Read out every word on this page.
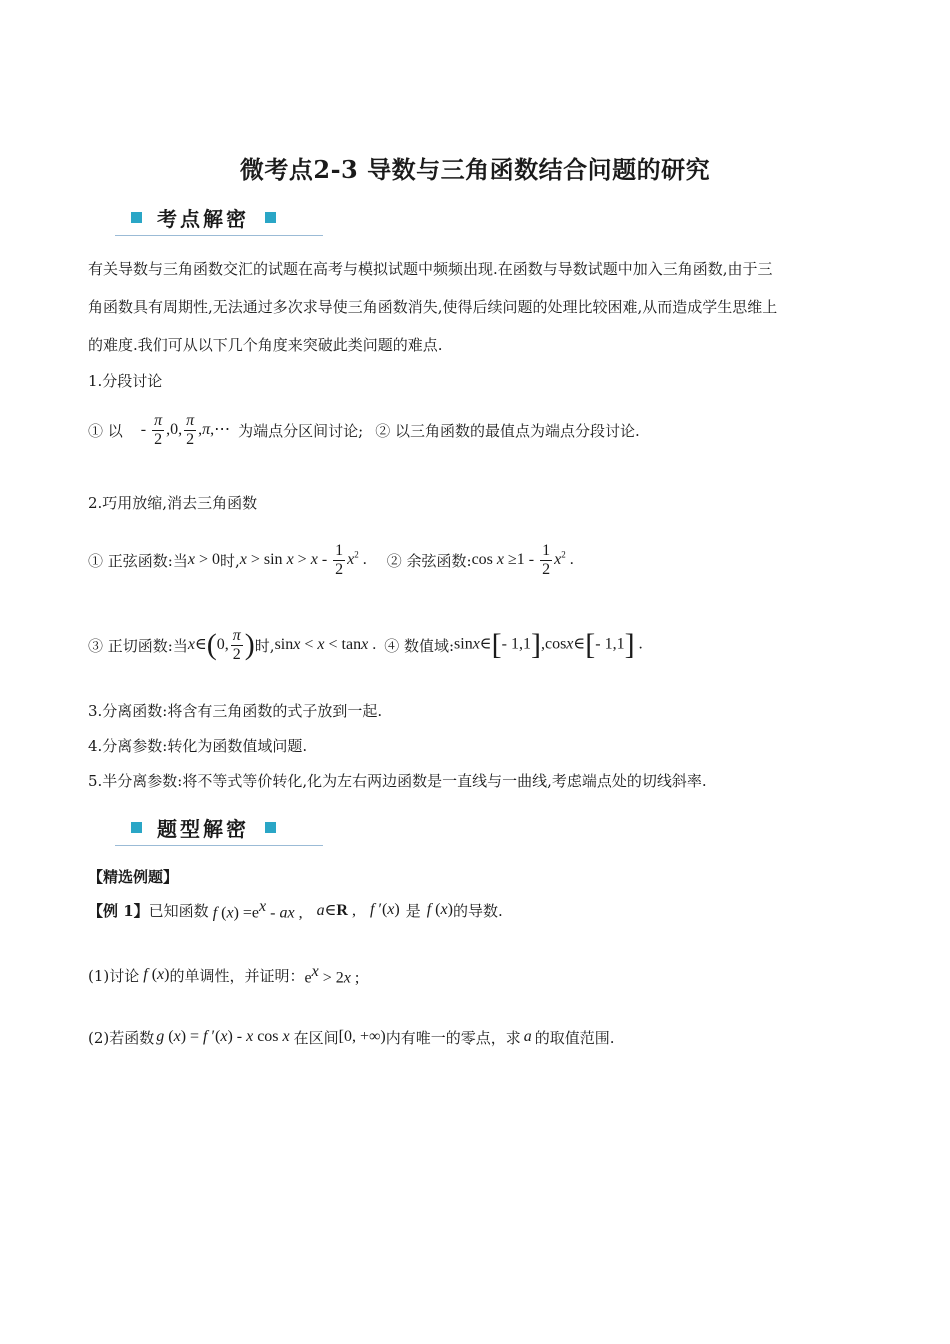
微考点2-3 导数与三角函数结合问题的研究
考点解密
有关导数与三角函数交汇的试题在高考与模拟试题中频频出现.在函数与导数试题中加入三角函数,由于三
角函数具有周期性,无法通过多次求导使三角函数消失,使得后续问题的处理比较困难,从而造成学生思维上
的难度.我们可从以下几个角度来突破此类问题的难点.
1.分段讨论
① 以 - $\frac{\pi}{2} ,0$, $\frac{\pi}{2}$ ,π,⋯ 为端点分区间讨论; ② 以三角函数的最值点为端点分段讨论.
2.巧用放缩,消去三角函数
① 正弦函数:当 x > 0 时, $x > \sin x > x - \frac{1}{2} x^2$ . ② 余弦函数: $\cos x \ge 1 - \frac{1}{2} x^2$ .
③ 正切函数:当 x∈(0, $\frac{\pi}{2}$ ) 时, sinx < x < tanx . ④ 数值域: sinx∈[- 1,1],cosx∈[- 1,1] .
3.分离函数:将含有三角函数的式子放到一起.
4.分离参数:转化为函数值域问题.
5.半分离参数:将不等式等价转化,化为左右两边函数是一直线与一曲线,考虑端点处的切线斜率.
题型解密
【精选例题】
【例 1】 已知函数 f $(x) =e^x$ - ax , a∈R , f ′(x) 是 f (x) 的导数.
(1)讨论 f (x) 的单调性，并证明： $e^x > 2x$ ;
(2)若函数 g (x) = f ′(x) - x cos x 在区间 [0, +∞) 内有唯一的零点，求 a 的取值范围.
